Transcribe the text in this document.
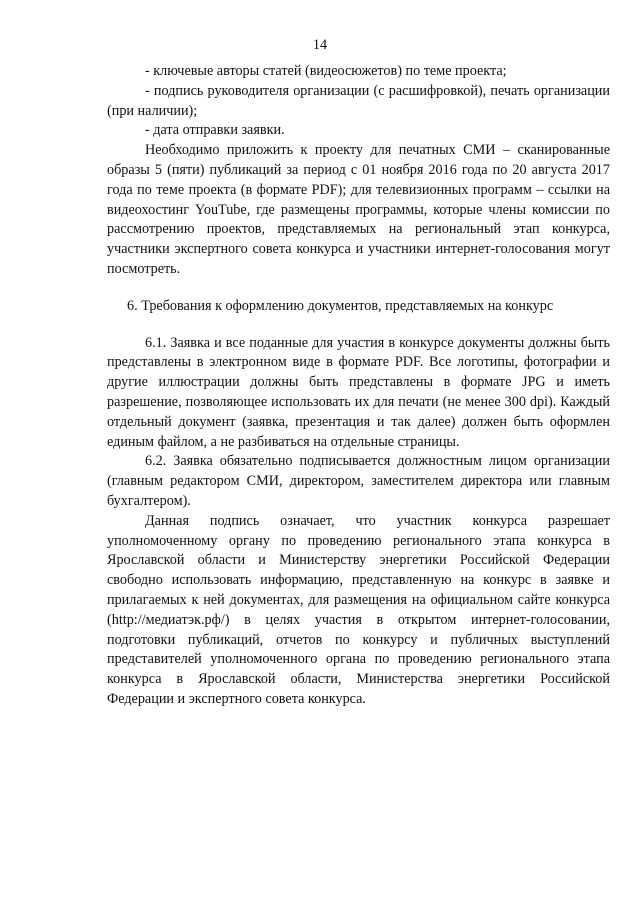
14

- ключевые авторы статей (видеосюжетов) по теме проекта;

- подпись руководителя организации (с расшифровкой), печать организации (при наличии);

- дата отправки заявки.

Необходимо приложить к проекту для печатных СМИ – сканированные образы 5 (пяти) публикаций за период с 01 ноября 2016 года по 20 августа 2017 года по теме проекта (в формате PDF); для телевизионных программ – ссылки на видеохостинг YouTube, где размещены программы, которые члены комиссии по рассмотрению проектов, представляемых на региональный этап конкурса, участники экспертного совета конкурса и участники интернет-голосования могут посмотреть.

6. Требования к оформлению документов, представляемых на конкурс

6.1. Заявка и все поданные для участия в конкурсе документы должны быть представлены в электронном виде в формате PDF. Все логотипы, фотографии и другие иллюстрации должны быть представлены в формате JPG и иметь разрешение, позволяющее использовать их для печати (не менее 300 dpi). Каждый отдельный документ (заявка, презентация и так далее) должен быть оформлен единым файлом, а не разбиваться на отдельные страницы.

6.2. Заявка обязательно подписывается должностным лицом организации (главным редактором СМИ, директором, заместителем директора или главным бухгалтером).

Данная подпись означает, что участник конкурса разрешает уполномоченному органу по проведению регионального этапа конкурса в Ярославской области и Министерству энергетики Российской Федерации свободно использовать информацию, представленную на конкурс в заявке и прилагаемых к ней документах, для размещения на официальном сайте конкурса (http://медиатэк.рф/) в целях участия в открытом интернет-голосовании, подготовки публикаций, отчетов по конкурсу и публичных выступлений представителей уполномоченного органа по проведению регионального этапа конкурса в Ярославской области, Министерства энергетики Российской Федерации и экспертного совета конкурса.
